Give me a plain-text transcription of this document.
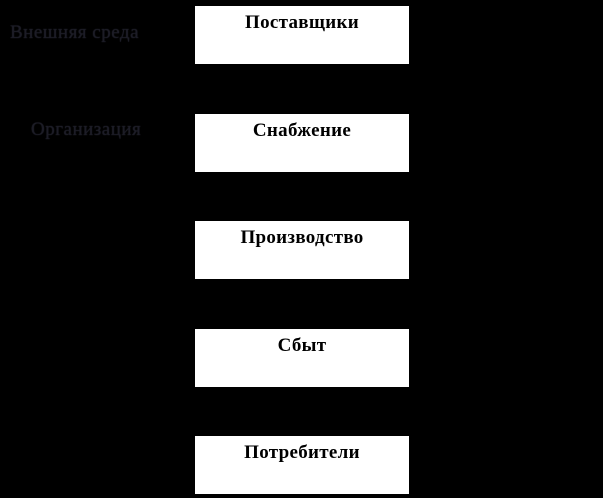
Внешняя среда
Организация
Поставщики
Снабжение
Производство
Сбыт
Потребители
